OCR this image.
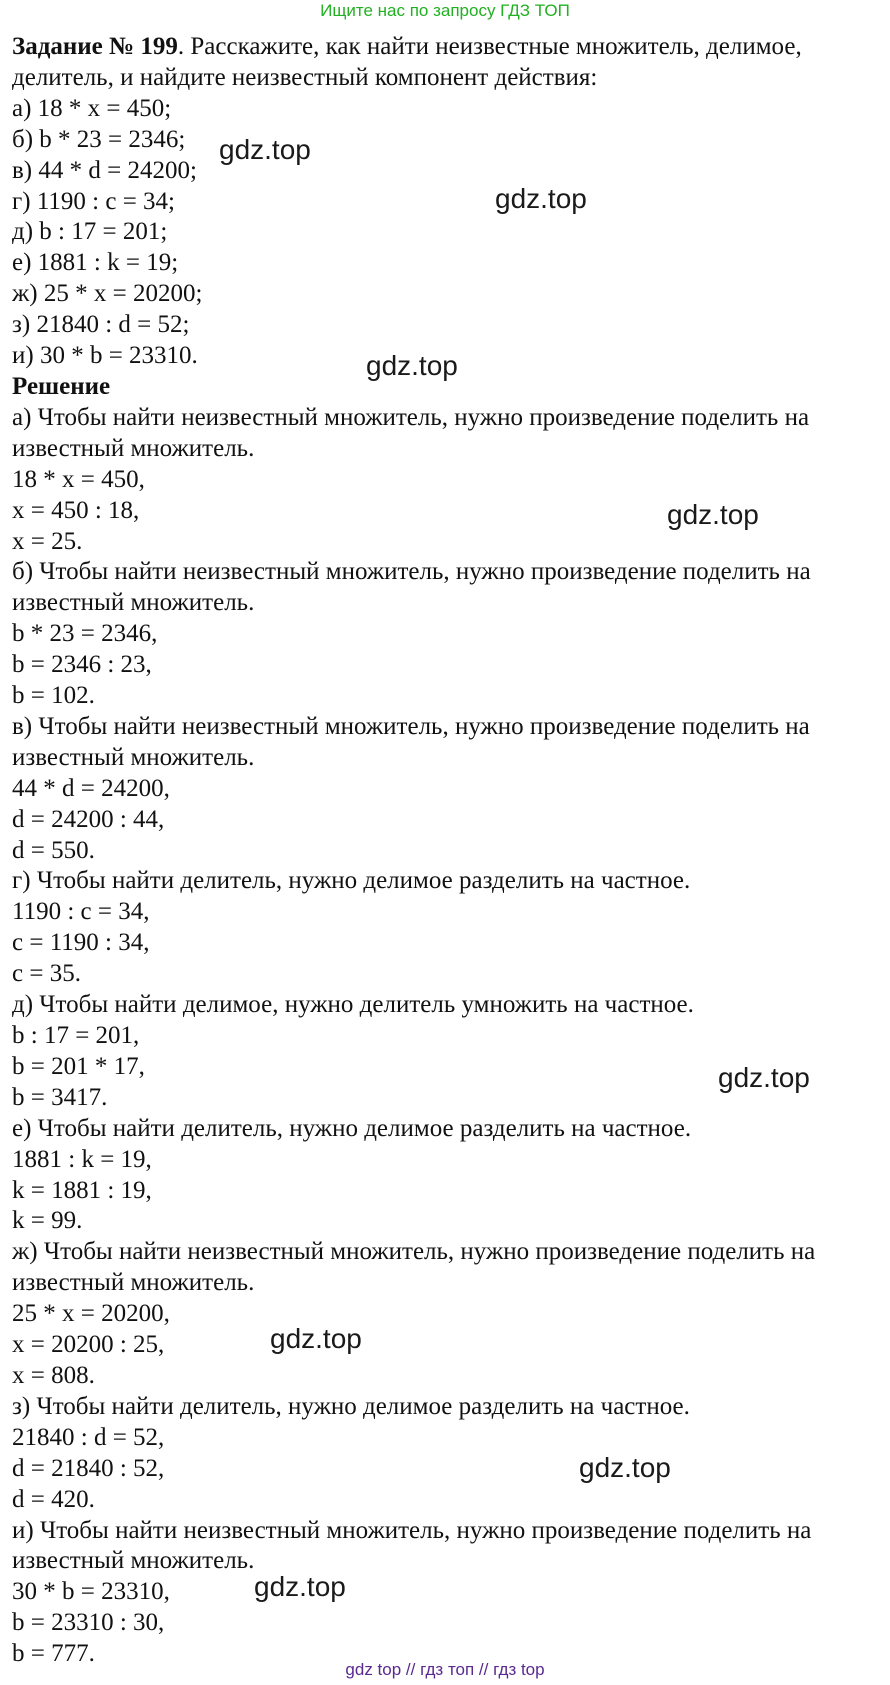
Ищите нас по запросу ГДЗ ТОП

Задание № 199. Расскажите, как найти неизвестные множитель, делимое, делитель, и найдите неизвестный компонент действия:

а) 18 * x = 450;

б) b * 23 = 2346;

в) 44 * d = 24200;

г) 1190 : c = 34;

д) b : 17 = 201;

е) 1881 : k = 19;

ж) 25 * x = 20200;

з) 21840 : d = 52;

и) 30 * b = 23310.

Решение

а) Чтобы найти неизвестный множитель, нужно произведение поделить на

известный множитель.

18 * x = 450,

x = 450 : 18,

x = 25.

б) Чтобы найти неизвестный множитель, нужно произведение поделить на

известный множитель.

b * 23 = 2346,

b = 2346 : 23,

b = 102.

в) Чтобы найти неизвестный множитель, нужно произведение поделить на

известный множитель.

44 * d = 24200,

d = 24200 : 44,

d = 550.

г) Чтобы найти делитель, нужно делимое разделить на частное.

1190 : c = 34,

c = 1190 : 34,

c = 35.

д) Чтобы найти делимое, нужно делитель умножить на частное.

b : 17 = 201,

b = 201 * 17,

b = 3417.

е) Чтобы найти делитель, нужно делимое разделить на частное.

1881 : k = 19,

k = 1881 : 19,

k = 99.

ж) Чтобы найти неизвестный множитель, нужно произведение поделить на

известный множитель.

25 * x = 20200,

x = 20200 : 25,

x = 808.

з) Чтобы найти делитель, нужно делимое разделить на частное.

21840 : d = 52,

d = 21840 : 52,

d = 420.

и) Чтобы найти неизвестный множитель, нужно произведение поделить на

известный множитель.

30 * b = 23310,

b = 23310 : 30,

b = 777.

gdz.top
gdz.top
gdz.top
gdz.top
gdz.top
gdz.top
gdz.top
gdz.top
gdz top // гдз топ // гдз top
